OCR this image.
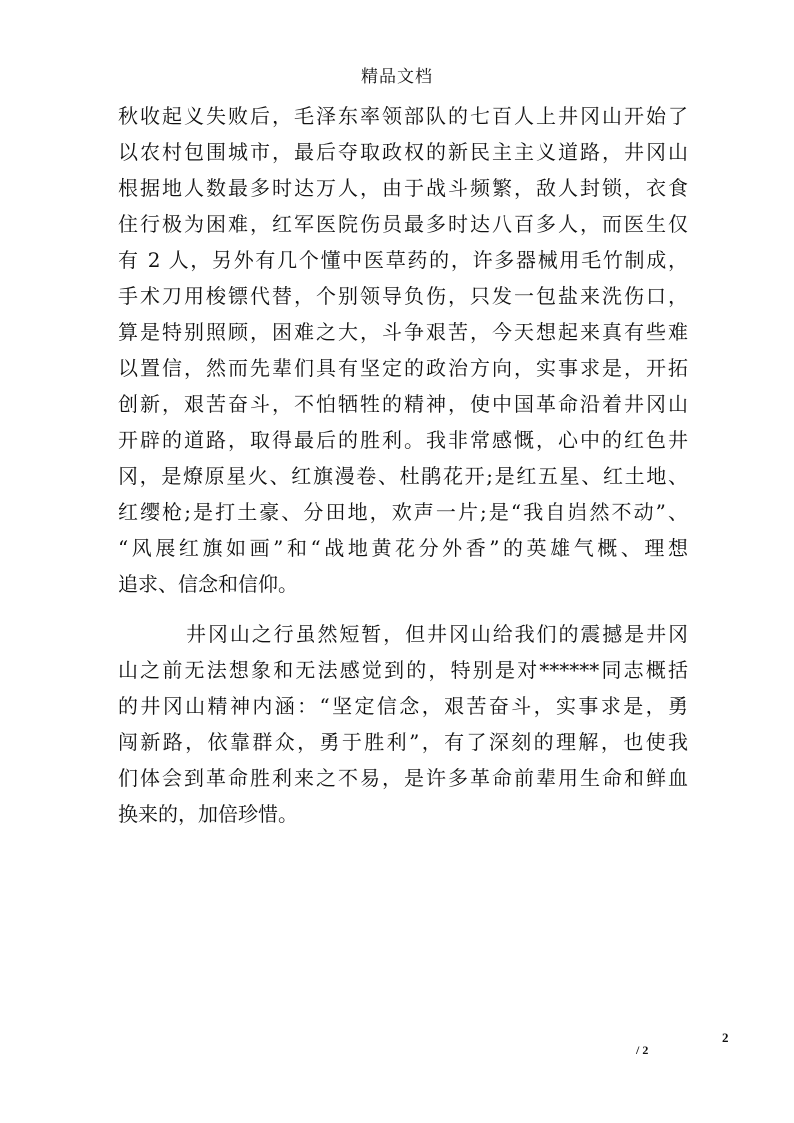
精品文档
秋收起义失败后，毛泽东率领部队的七百人上井冈山开始了
以农村包围城市，最后夺取政权的新民主主义道路，井冈山
根据地人数最多时达万人，由于战斗频繁，敌人封锁，衣食
住行极为困难，红军医院伤员最多时达八百多人，而医生仅
有 2 人，另外有几个懂中医草药的，许多器械用毛竹制成，
手术刀用梭镖代替，个别领导负伤，只发一包盐来洗伤口，
算是特别照顾，困难之大，斗争艰苦，今天想起来真有些难
以置信，然而先辈们具有坚定的政治方向，实事求是，开拓
创新，艰苦奋斗，不怕牺牲的精神，使中国革命沿着井冈山
开辟的道路，取得最后的胜利。我非常感慨，心中的红色井
冈，是燎原星火、红旗漫卷、杜鹃花开;是红五星、红土地、
红缨枪;是打土豪、分田地，欢声一片;是“我自岿然不动”、
“风展红旗如画”和“战地黄花分外香”的英雄气概、理想
追求、信念和信仰。
井冈山之行虽然短暂，但井冈山给我们的震撼是井冈
山之前无法想象和无法感觉到的，特别是对******同志概括
的井冈山精神内涵：“坚定信念，艰苦奋斗，实事求是，勇
闯新路，依靠群众，勇于胜利”，有了深刻的理解，也使我
们体会到革命胜利来之不易，是许多革命前辈用生命和鲜血
换来的，加倍珍惜。
2
/ 2
